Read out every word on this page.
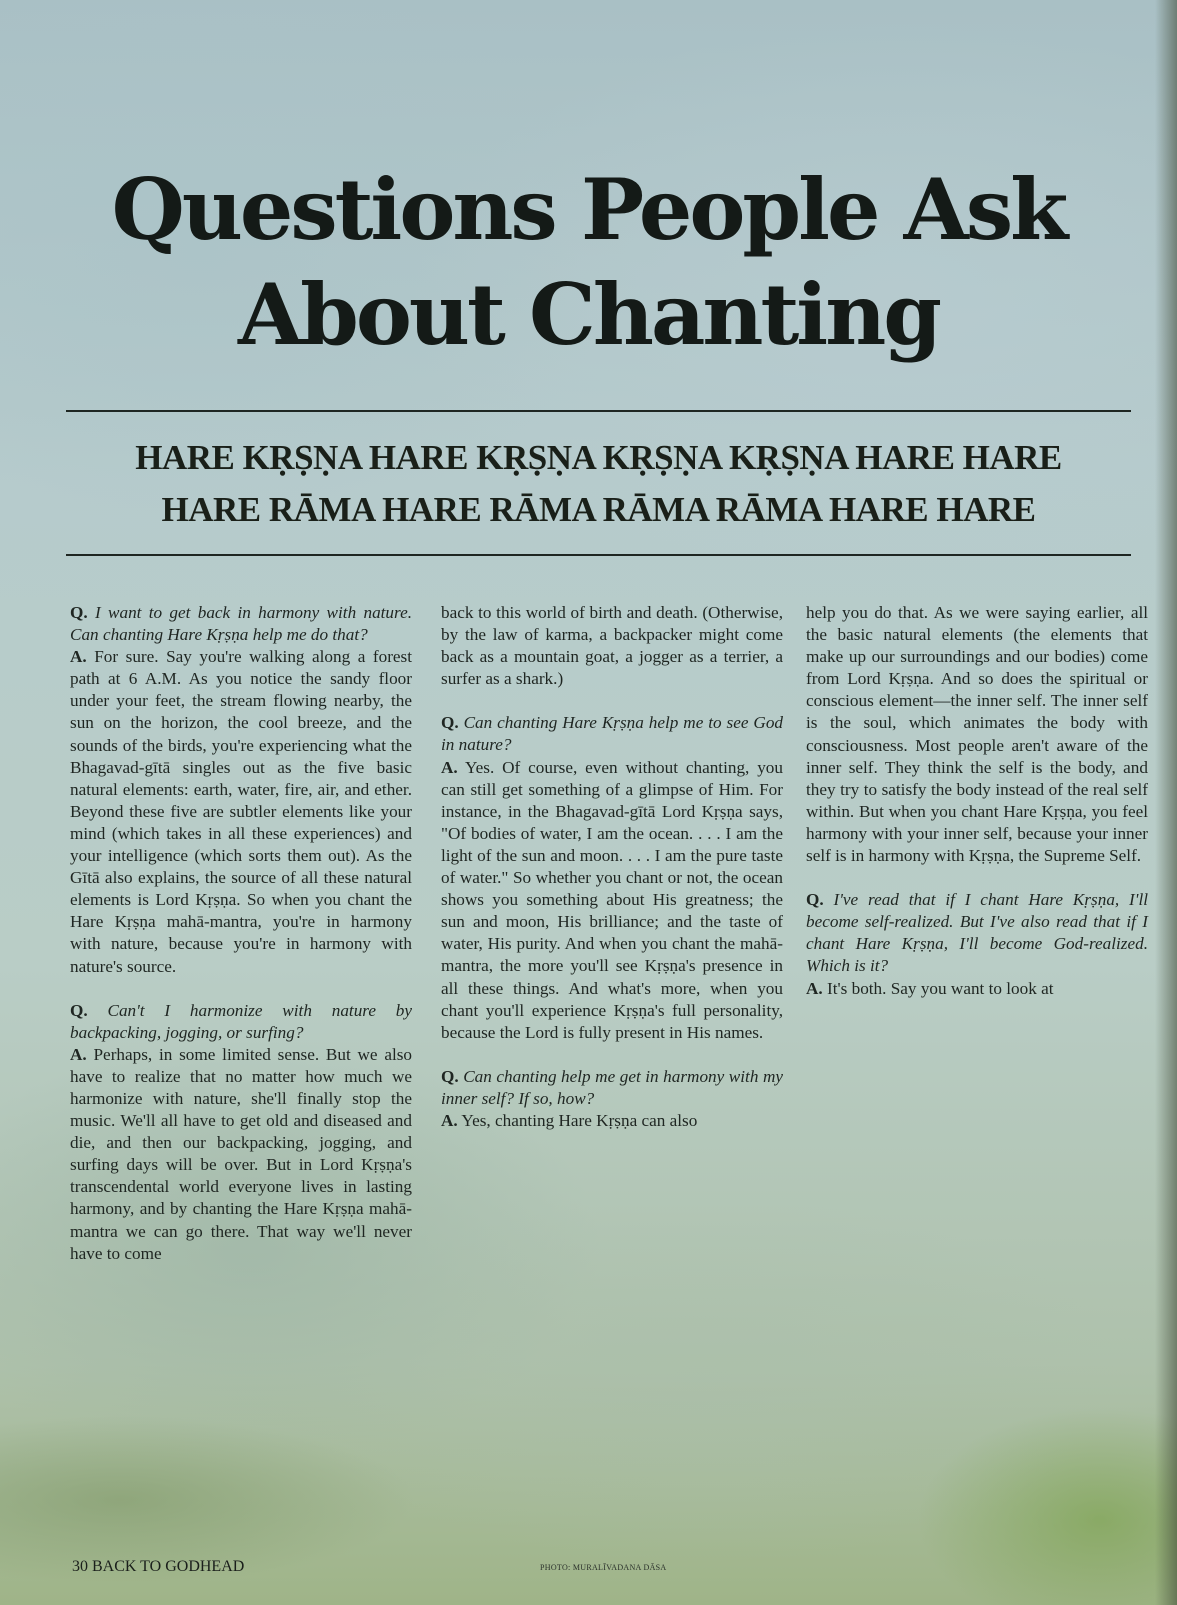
Questions People Ask
About Chanting
HARE KṚṢṆA HARE KṚṢṆA KṚṢṆA KṚṢṆA HARE HARE
HARE RĀMA HARE RĀMA RĀMA RĀMA HARE HARE

Q. I want to get back in harmony with nature. Can chanting Hare Kṛṣṇa help me do that?

A. For sure. Say you're walking along a forest path at 6 A.M. As you notice the sandy floor under your feet, the stream flowing nearby, the sun on the horizon, the cool breeze, and the sounds of the birds, you're experiencing what the Bhagavad-gītā singles out as the five basic natural elements: earth, water, fire, air, and ether. Beyond these five are subtler elements like your mind (which takes in all these experiences) and your intelligence (which sorts them out). As the Gītā also explains, the source of all these natural elements is Lord Kṛṣṇa. So when you chant the Hare Kṛṣṇa mahā-mantra, you're in harmony with nature, because you're in harmony with nature's source.

Q. Can't I harmonize with nature by backpacking, jogging, or surfing?

A. Perhaps, in some limited sense. But we also have to realize that no matter how much we harmonize with nature, she'll finally stop the music. We'll all have to get old and diseased and die, and then our backpacking, jogging, and surfing days will be over. But in Lord Kṛṣṇa's transcendental world everyone lives in lasting harmony, and by chanting the Hare Kṛṣṇa mahā-mantra we can go there. That way we'll never have to come

back to this world of birth and death. (Otherwise, by the law of karma, a backpacker might come back as a mountain goat, a jogger as a terrier, a surfer as a shark.)

Q. Can chanting Hare Kṛṣṇa help me to see God in nature?

A. Yes. Of course, even without chanting, you can still get something of a glimpse of Him. For instance, in the Bhagavad-gītā Lord Kṛṣṇa says, "Of bodies of water, I am the ocean. . . . I am the light of the sun and moon. . . . I am the pure taste of water." So whether you chant or not, the ocean shows you something about His greatness; the sun and moon, His brilliance; and the taste of water, His purity. And when you chant the mahā-mantra, the more you'll see Kṛṣṇa's presence in all these things. And what's more, when you chant you'll experience Kṛṣṇa's full personality, because the Lord is fully present in His names.

Q. Can chanting help me get in harmony with my inner self? If so, how?

A. Yes, chanting Hare Kṛṣṇa can also

help you do that. As we were saying earlier, all the basic natural elements (the elements that make up our surroundings and our bodies) come from Lord Kṛṣṇa. And so does the spiritual or conscious element—the inner self. The inner self is the soul, which animates the body with consciousness. Most people aren't aware of the inner self. They think the self is the body, and they try to satisfy the body instead of the real self within. But when you chant Hare Kṛṣṇa, you feel harmony with your inner self, because your inner self is in harmony with Kṛṣṇa, the Supreme Self.

Q. I've read that if I chant Hare Kṛṣṇa, I'll become self-realized. But I've also read that if I chant Hare Kṛṣṇa, I'll become God-realized. Which is it?

A. It's both. Say you want to look at

30 BACK TO GODHEAD	PHOTO: MURALĪVADANA DĀSA
